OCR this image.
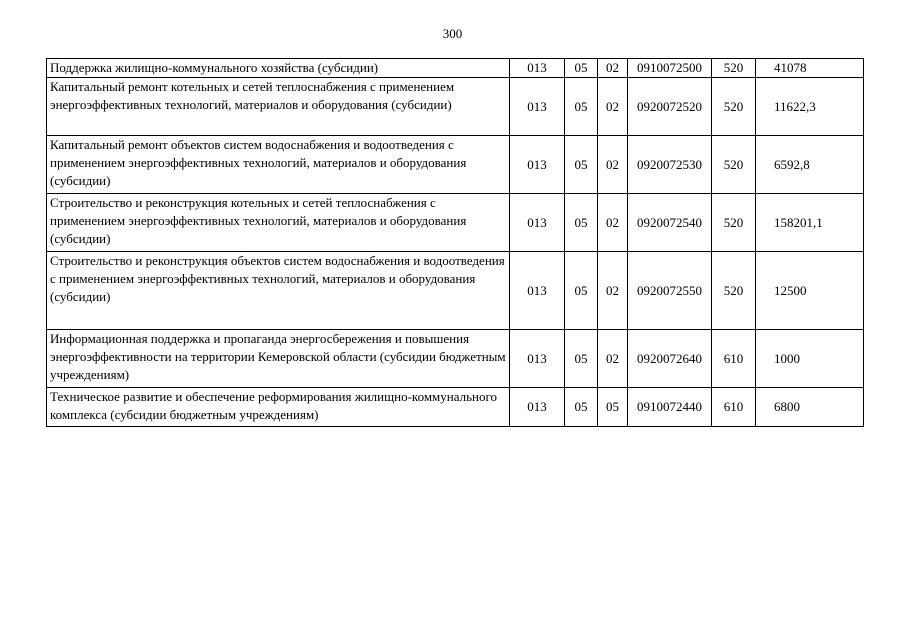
300
Поддержка жилищно-коммунального хозяйства (субсидии)	013	05	02	0910072500	520	41078
Капитальный ремонт котельных и сетей теплоснабжения с применением энергоэффективных технологий, материалов и оборудования (субсидии)	013	05	02	0920072520	520	11622,3
Капитальный ремонт объектов систем водоснабжения и водоотведения с применением энергоэффективных технологий, материалов и оборудования (субсидии)	013	05	02	0920072530	520	6592,8
Строительство и реконструкция котельных и сетей теплоснабжения с применением энергоэффективных технологий, материалов и оборудования (субсидии)	013	05	02	0920072540	520	158201,1
Строительство и реконструкция объектов систем водоснабжения и водоотведения с применением энергоэффективных технологий, материалов и оборудования (субсидии)	013	05	02	0920072550	520	12500
Информационная поддержка и пропаганда энергосбережения и повышения энергоэффективности на территории Кемеровской области (субсидии бюджетным учреждениям)	013	05	02	0920072640	610	1000
Техническое развитие и обеспечение реформирования жилищно-коммунального комплекса (субсидии бюджетным учреждениям)	013	05	05	0910072440	610	6800
